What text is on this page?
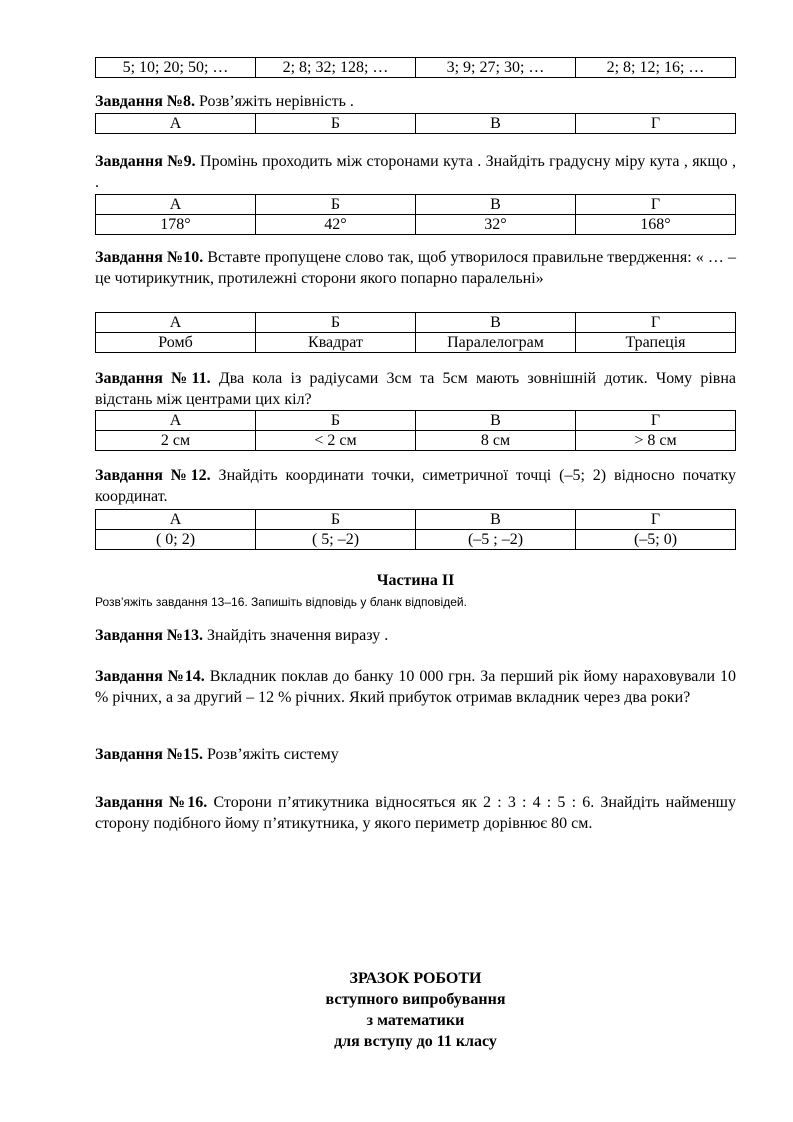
5; 10; 20; 50; …	2; 8; 32; 128; …	3; 9; 27; 30; …	2; 8; 12; 16; …
Завдання №8. Розв’яжіть нерівність .
А	Б	В	Г
Завдання №9. Промінь проходить між сторонами кута . Знайдіть градусну міру кута , якщо , .
А	Б	В	Г
178°	42°	32°	168°
Завдання №10. Вставте пропущене слово так, щоб утворилося правильне твердження: « … – це чотирикутник, протилежні сторони якого попарно паралельні»
А	Б	В	Г
Ромб	Квадрат	Паралелограм	Трапеція
Завдання №11. Два кола із радіусами 3см та 5см мають зовнішній дотик. Чому рівна відстань між центрами цих кіл?
А	Б	В	Г
2 см	< 2 см	8 см	> 8 см
Завдання №12. Знайдіть координати точки, симетричної точці (–5; 2) відносно початку координат.
А	Б	В	Г
( 0; 2)	( 5; –2)	(–5 ; –2)	(–5; 0)
Частина ІІ
Розв’яжіть завдання 13–16. Запишіть відповідь у бланк відповідей.
Завдання №13. Знайдіть значення виразу .
Завдання №14. Вкладник поклав до банку 10 000 грн. За перший рік йому нараховували 10 % річних, а за другий – 12 % річних. Який прибуток отримав вкладник через два роки?
Завдання №15. Розв’яжіть систему
Завдання №16. Сторони п’ятикутника відносяться як 2 : 3 : 4 : 5 : 6. Знайдіть найменшу сторону подібного йому п’ятикутника, у якого периметр дорівнює 80 см.
ЗРАЗОК РОБОТИ
вступного випробування
з математики
для вступу до 11 класу
